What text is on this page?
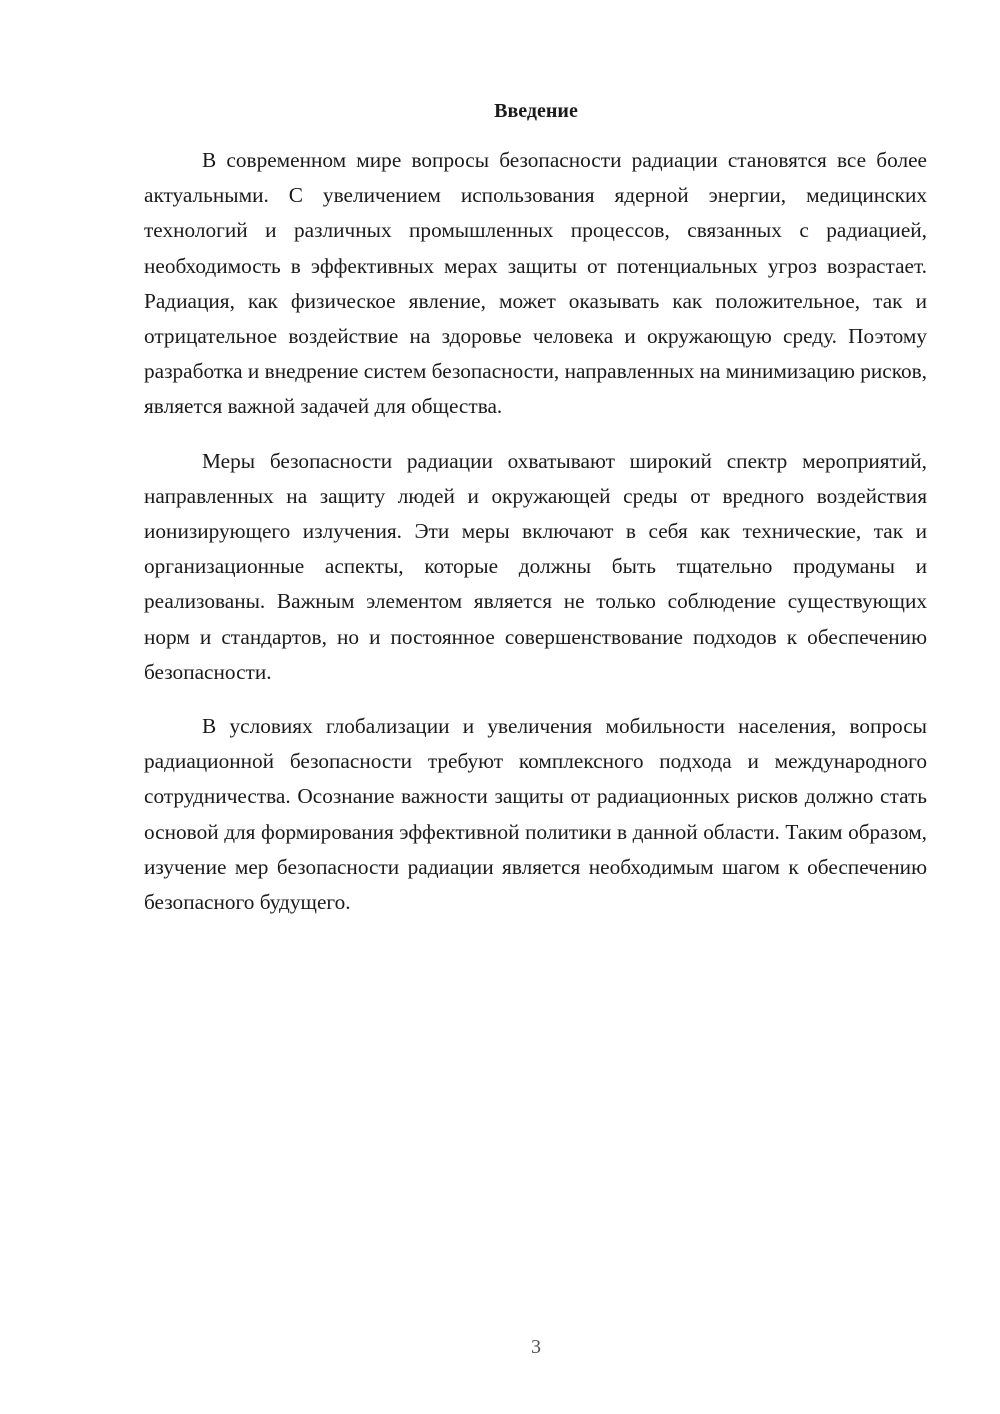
Введение

В современном мире вопросы безопасности радиации становятся все более актуальными. С увеличением использования ядерной энергии, медицинских технологий и различных промышленных процессов, связанных с радиацией, необходимость в эффективных мерах защиты от потенциальных угроз возрастает. Радиация, как физическое явление, может оказывать как положительное, так и отрицательное воздействие на здоровье человека и окружающую среду. Поэтому разработка и внедрение систем безопасности, направленных на минимизацию рисков, является важной задачей для общества.

Меры безопасности радиации охватывают широкий спектр мероприятий, направленных на защиту людей и окружающей среды от вредного воздействия ионизирующего излучения. Эти меры включают в себя как технические, так и организационные аспекты, которые должны быть тщательно продуманы и реализованы. Важным элементом является не только соблюдение существующих норм и стандартов, но и постоянное совершенствование подходов к обеспечению безопасности.

В условиях глобализации и увеличения мобильности населения, вопросы радиационной безопасности требуют комплексного подхода и международного сотрудничества. Осознание важности защиты от радиационных рисков должно стать основой для формирования эффективной политики в данной области. Таким образом, изучение мер безопасности радиации является необходимым шагом к обеспечению безопасного будущего.

3
